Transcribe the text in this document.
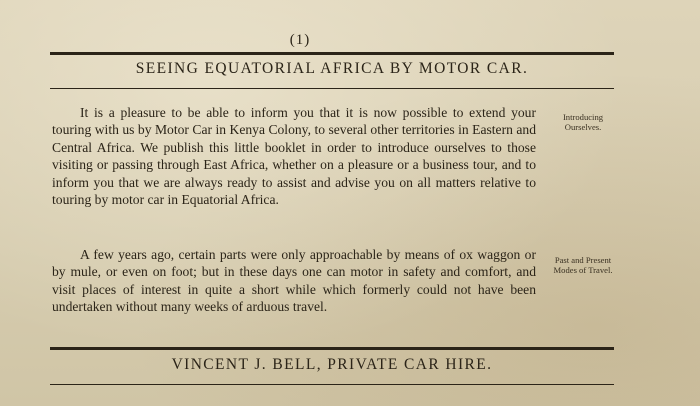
(1)
SEEING EQUATORIAL AFRICA BY MOTOR CAR.

It is a pleasure to be able to inform you that it is now possible to extend your touring with us by Motor Car in Kenya Colony, to several other territories in Eastern and Central Africa. We publish this little booklet in order to introduce ourselves to those visiting or passing through East Africa, whether on a pleasure or a business tour, and to inform you that we are always ready to assist and advise you on all matters relative to touring by motor car in Equatorial Africa.

Introducing Ourselves.

A few years ago, certain parts were only approachable by means of ox waggon or by mule, or even on foot; but in these days one can motor in safety and comfort, and visit places of interest in quite a short while which formerly could not have been undertaken without many weeks of arduous travel.

Past and Present Modes of Travel.
VINCENT J. BELL, PRIVATE CAR HIRE.
